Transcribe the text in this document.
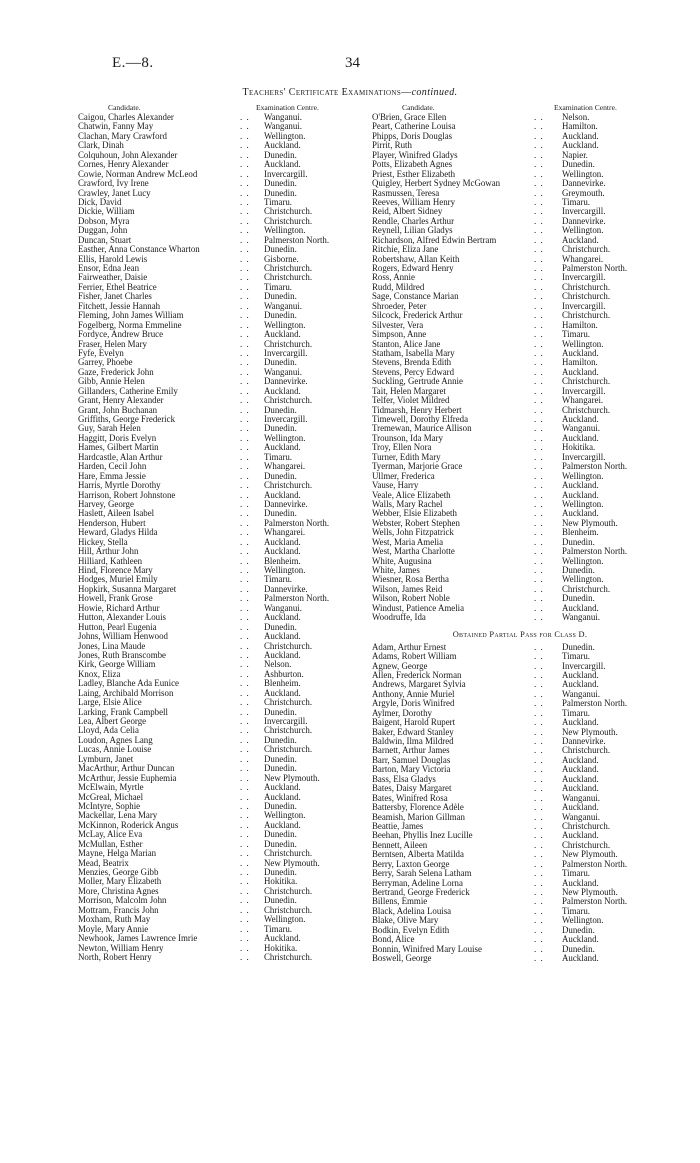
E.—8.	34
Teachers' Certificate Examinations—continued.
Candidate.	Examination Centre.
Caigou, Charles Alexander	. . Wanganui.
Chatwin, Fanny May	. . Wanganui.
Clachan, Mary Crawford	. . Wellington.
Clark, Dinah	. . Auckland.
Colquhoun, John Alexander	. . Dunedin.
Cornes, Henry Alexander	. . Auckland.
Cowie, Norman Andrew McLeod	. . Invercargill.
Crawford, Ivy Irene	. . Dunedin.
Crawley, Janet Lucy	. . Dunedin.
Dick, David	. . Timaru.
Dickie, William	. . Christchurch.
Dobson, Myra	. . Christchurch.
Duggan, John	. . Wellington.
Duncan, Stuart	. . Palmerston North.
Easther, Anna Constance Wharton	. . Dunedin.
Ellis, Harold Lewis	. . Gisborne.
Ensor, Edna Jean	. . Christchurch.
Fairweather, Daisie	. . Christchurch.
Ferrier, Ethel Beatrice	. . Timaru.
Fisher, Janet Charles	. . Dunedin.
Fitchett, Jessie Hannah	. . Wanganui.
Fleming, John James William	. . Dunedin.
Fogelberg, Norma Emmeline	. . Wellington.
Fordyce, Andrew Bruce	. . Auckland.
Fraser, Helen Mary	. . Christchurch.
Fyfe, Evelyn	. . Invercargill.
Garrey, Phoebe	. . Dunedin.
Gaze, Frederick John	. . Wanganui.
Gibb, Annie Helen	. . Dannevirke.
Gillanders, Catherine Emily	. . Auckland.
Grant, Henry Alexander	. . Christchurch.
Grant, John Buchanan	. . Dunedin.
Griffiths, George Frederick	. . Invercargill.
Guy, Sarah Helen	. . Dunedin.
Haggitt, Doris Evelyn	. . Wellington.
Hames, Gilbert Martin	. . Auckland.
Hardcastle, Alan Arthur	. . Timaru.
Harden, Cecil John	. . Whangarei.
Hare, Emma Jessie	. . Dunedin.
Harris, Myrtle Dorothy	. . Christchurch.
Harrison, Robert Johnstone	. . Auckland.
Harvey, George	. . Dannevirke.
Haslett, Aileen Isabel	. . Dunedin.
Henderson, Hubert	. . Palmerston North.
Heward, Gladys Hilda	. . Whangarei.
Hickey, Stella	. . Auckland.
Hill, Arthur John	. . Auckland.
Hilliard, Kathleen	. . Blenheim.
Hind, Florence Mary	. . Wellington.
Hodges, Muriel Emily	. . Timaru.
Hopkirk, Susanna Margaret	. . Dannevirke.
Howell, Frank Grose	. . Palmerston North.
Howie, Richard Arthur	. . Wanganui.
Hutton, Alexander Louis	. . Auckland.
Hutton, Pearl Eugenia	. . Dunedin.
Johns, William Henwood	. . Auckland.
Jones, Lina Maude	. . Christchurch.
Jones, Ruth Branscombe	. . Auckland.
Kirk, George William	. . Nelson.
Knox, Eliza	. . Ashburton.
Ladley, Blanche Ada Eunice	. . Blenheim.
Laing, Archibald Morrison	. . Auckland.
Large, Elsie Alice	. . Christchurch.
Larking, Frank Campbell	. . Dunedin.
Lea, Albert George	. . Invercargill.
Lloyd, Ada Celia	. . Christchurch.
Loudon, Agnes Lang	. . Dunedin.
Lucas, Annie Louise	. . Christchurch.
Lymburn, Janet	. . Dunedin.
MacArthur, Arthur Duncan	. . Dunedin.
McArthur, Jessie Euphemia	. . New Plymouth.
McElwain, Myrtle	. . Auckland.
McGreal, Michael	. . Auckland.
McIntyre, Sophie	. . Dunedin.
Mackellar, Lena Mary	. . Wellington.
McKinnon, Roderick Angus	. . Auckland.
McLay, Alice Eva	. . Dunedin.
McMullan, Esther	. . Dunedin.
Mayne, Helga Marian	. . Christchurch.
Mead, Beatrix	. . New Plymouth.
Menzies, George Gibb	. . Dunedin.
Moller, Mary Elizabeth	. . Hokitika.
More, Christina Agnes	. . Christchurch.
Morrison, Malcolm John	. . Dunedin.
Mottram, Francis John	. . Christchurch.
Moxham, Ruth May	. . Wellington.
Moyle, Mary Annie	. . Timaru.
Newhook, James Lawrence Imrie	. . Auckland.
Newton, William Henry	. . Hokitika.
North, Robert Henry	. . Christchurch.
Candidate.	Examination Centre.
O'Brien, Grace Ellen	. . Nelson.
Peart, Catherine Louisa	. . Hamilton.
Phipps, Doris Douglas	. . Auckland.
Pirrit, Ruth	. . Auckland.
Player, Winifred Gladys	. . Napier.
Potts, Elizabeth Agnes	. . Dunedin.
Priest, Esther Elizabeth	. . Wellington.
Quigley, Herbert Sydney McGowan	. . Dannevirke.
Rasmussen, Teresa	. . Greymouth.
Reeves, William Henry	. . Timaru.
Reid, Albert Sidney	. . Invercargill.
Rendle, Charles Arthur	. . Dannevirke.
Reynell, Lilian Gladys	. . Wellington.
Richardson, Alfred Edwin Bertram	. . Auckland.
Ritchie, Eliza Jane	. . Christchurch.
Robertshaw, Allan Keith	. . Whangarei.
Rogers, Edward Henry	. . Palmerston North.
Ross, Annie	. . Invercargill.
Rudd, Mildred	. . Christchurch.
Sage, Constance Marian	. . Christchurch.
Shroeder, Peter	. . Invercargill.
Silcock, Frederick Arthur	. . Christchurch.
Silvester, Vera	. . Hamilton.
Simpson, Anne	. . Timaru.
Stanton, Alice Jane	. . Wellington.
Statham, Isabella Mary	. . Auckland.
Stevens, Brenda Edith	. . Hamilton.
Stevens, Percy Edward	. . Auckland.
Suckling, Gertrude Annie	. . Christchurch.
Tait, Helen Margaret	. . Invercargill.
Telfer, Violet Mildred	. . Whangarei.
Tidmarsh, Henry Herbert	. . Christchurch.
Timewell, Dorothy Elfreda	. . Auckland.
Tremewan, Maurice Allison	. . Wanganui.
Trounson, Ida Mary	. . Auckland.
Troy, Ellen Nora	. . Hokitika.
Turner, Edith Mary	. . Invercargill.
Tyerman, Marjorie Grace	. . Palmerston North.
Ullmer, Frederica	. . Wellington.
Vause, Harry	. . Auckland.
Veale, Alice Elizabeth	. . Auckland.
Walls, Mary Rachel	. . Wellington.
Webber, Elsie Elizabeth	. . Auckland.
Webster, Robert Stephen	. . New Plymouth.
Wells, John Fitzpatrick	. . Blenheim.
West, Maria Amelia	. . Dunedin.
West, Martha Charlotte	. . Palmerston North.
White, Augusina	. . Wellington.
White, James	. . Dunedin.
Wiesner, Rosa Bertha	. . Wellington.
Wilson, James Reid	. . Christchurch.
Wilson, Robert Noble	. . Dunedin.
Windust, Patience Amelia	. . Auckland.
Woodruffe, Ida	. . Wanganui.
Obtained Partial Pass for Class D.
Adam, Arthur Ernest	. . Dunedin.
Adams, Robert William	. . Timaru.
Agnew, George	. . Invercargill.
Allen, Frederick Norman	. . Auckland.
Andrews, Margaret Sylvia	. . Auckland.
Anthony, Annie Muriel	. . Wanganui.
Argyle, Doris Winifred	. . Palmerston North.
Aylmer, Dorothy	. . Timaru.
Baigent, Harold Rupert	. . Auckland.
Baker, Edward Stanley	. . New Plymouth.
Baldwin, Ilma Mildred	. . Dannevirke.
Barnett, Arthur James	. . Christchurch.
Barr, Samuel Douglas	. . Auckland.
Barton, Mary Victoria	. . Auckland.
Bass, Elsa Gladys	. . Auckland.
Bates, Daisy Margaret	. . Auckland.
Bates, Winifred Rosa	. . Wanganui.
Battersby, Florence Adèle	. . Auckland.
Beamish, Marion Gillman	. . Wanganui.
Beattie, James	. . Christchurch.
Beehan, Phyllis Inez Lucille	. . Auckland.
Bennett, Aileen	. . Christchurch.
Berntsen, Alberta Matilda	. . New Plymouth.
Berry, Laxton George	. . Palmerston North.
Berry, Sarah Selena Latham	. . Timaru.
Berryman, Adeline Lorna	. . Auckland.
Bertrand, George Frederick	. . New Plymouth.
Billens, Emmie	. . Palmerston North.
Black, Adelina Louisa	. . Timaru.
Blake, Olive Mary	. . Wellington.
Bodkin, Evelyn Edith	. . Dunedin.
Bond, Alice	. . Auckland.
Bonnin, Winifred Mary Louise	. . Dunedin.
Boswell, George	. . Auckland.
